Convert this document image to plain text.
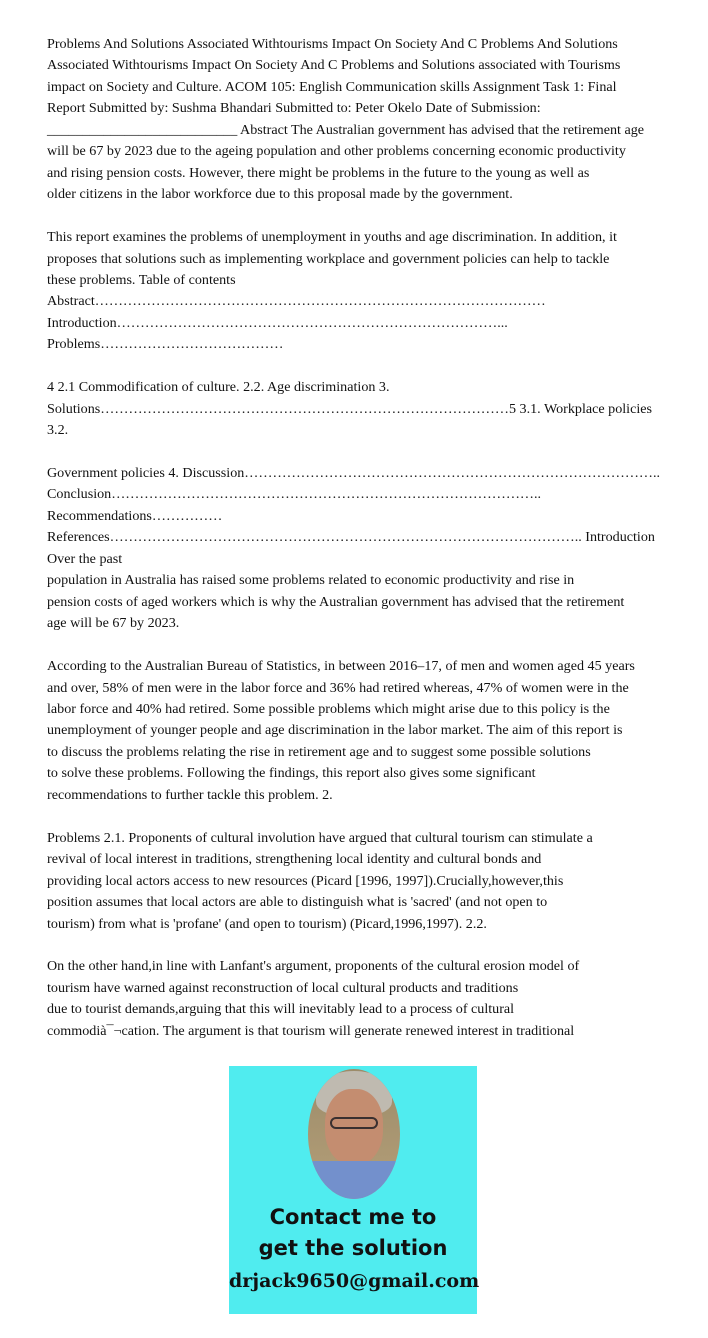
Problems And Solutions Associated Withtourisms Impact On Society And C Problems And Solutions
Associated Withtourisms Impact On Society And C Problems and Solutions associated with Tourisms
impact on Society and Culture. ACOM 105: English Communication skills Assignment Task 1: Final
Report Submitted by: Sushma Bhandari Submitted to: Peter Okelo Date of Submission:
___________________________ Abstract The Australian government has advised that the retirement age
will be 67 by 2023 due to the ageing population and other problems concerning economic productivity
and rising pension costs. However, there might be problems in the future to the young as well as
older citizens in the labor workforce due to this proposal made by the government.
This report examines the problems of unemployment in youths and age discrimination. In addition, it
proposes that solutions such as implementing workplace and government policies can help to tackle
these problems. Table of contents Abstract……………………………………………………………………………………
Introduction………………………………………………………………………... Problems…………………………………
4 2.1 Commodification of culture. 2.2. Age discrimination 3.
Solutions……………………………………………………………………………5 3.1. Workplace policies 3.2.
Government policies 4. Discussion……………………………………………………………………………..
Conclusion……………………………………………………………………………….. Recommendations……………
References……………………………………………………………………………………….. Introduction Over the past
population in Australia has raised some problems related to economic productivity and rise in
pension costs of aged workers which is why the Australian government has advised that the retirement
age will be 67 by 2023.
According to the Australian Bureau of Statistics, in between 2016–17, of men and women aged 45 years
and over, 58% of men were in the labor force and 36% had retired whereas, 47% of women were in the
labor force and 40% had retired. Some possible problems which might arise due to this policy is the
unemployment of younger people and age discrimination in the labor market. The aim of this report is
to discuss the problems relating the rise in retirement age and to suggest some possible solutions
to solve these problems. Following the findings, this report also gives some significant
recommendations to further tackle this problem. 2.
Problems 2.1. Proponents of cultural involution have argued that cultural tourism can stimulate a
revival of local interest in traditions, strengthening local identity and cultural bonds and
providing local actors access to new resources (Picard [1996, 1997]).Crucially,however,this
position assumes that local actors are able to distinguish what is 'sacred' (and not open to
tourism) from what is 'profane' (and open to tourism) (Picard,1996,1997). 2.2.
On the other hand,in line with Lanfant's argument, proponents of the cultural erosion model of
tourism have warned against reconstruction of local cultural products and traditions
due to tourist demands,arguing that this will inevitably lead to a process of cultural
commodià¯¬cation. The argument is that tourism will generate renewed interest in traditional
Contact me to
get the solution
drjack9650@gmail.com
